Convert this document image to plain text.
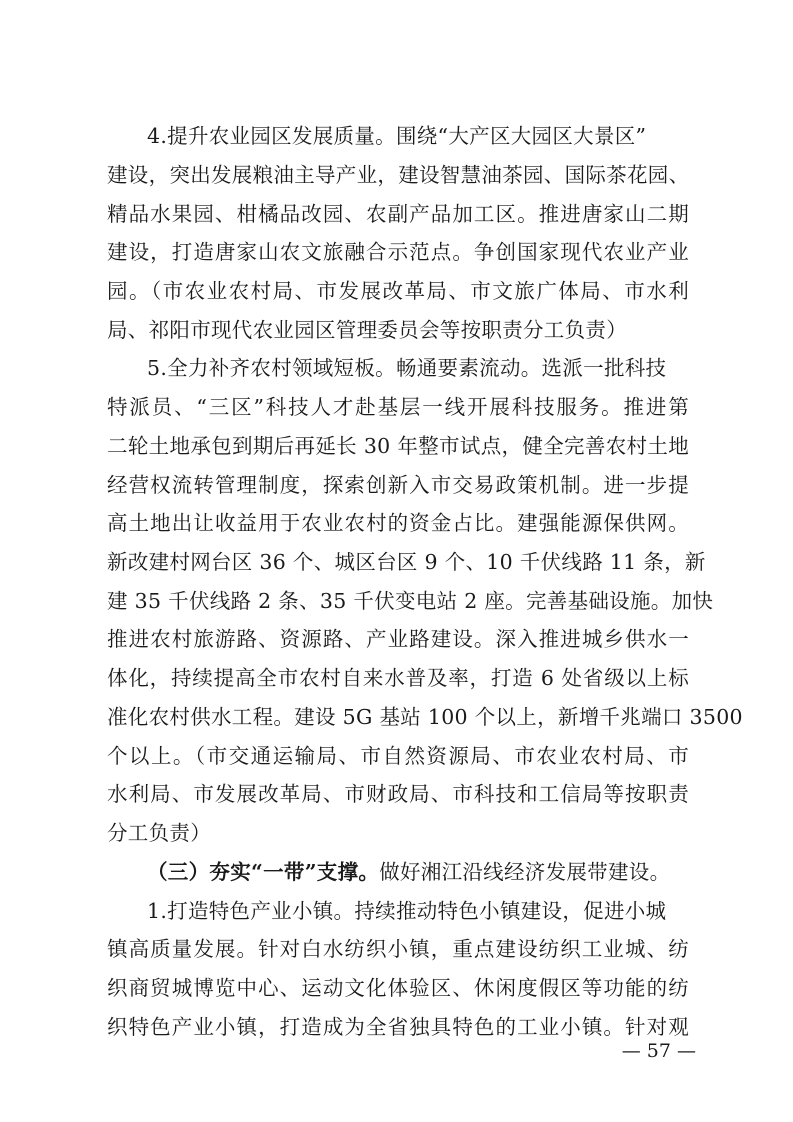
4.提升农业园区发展质量。围绕“大产区大园区大景区”
建设，突出发展粮油主导产业，建设智慧油茶园、国际茶花园、
精品水果园、柑橘品改园、农副产品加工区。推进唐家山二期
建设，打造唐家山农文旅融合示范点。争创国家现代农业产业
园。（市农业农村局、市发展改革局、市文旅广体局、市水利
局、祁阳市现代农业园区管理委员会等按职责分工负责）
5.全力补齐农村领域短板。畅通要素流动。选派一批科技
特派员、“三区”科技人才赴基层一线开展科技服务。推进第
二轮土地承包到期后再延长 30 年整市试点，健全完善农村土地
经营权流转管理制度，探索创新入市交易政策机制。进一步提
高土地出让收益用于农业农村的资金占比。建强能源保供网。
新改建村网台区 36 个、城区台区 9 个、10 千伏线路 11 条，新
建 35 千伏线路 2 条、35 千伏变电站 2 座。完善基础设施。加快
推进农村旅游路、资源路、产业路建设。深入推进城乡供水一
体化，持续提高全市农村自来水普及率，打造 6 处省级以上标
准化农村供水工程。建设 5G 基站 100 个以上，新增千兆端口 3500
个以上。（市交通运输局、市自然资源局、市农业农村局、市
水利局、市发展改革局、市财政局、市科技和工信局等按职责
分工负责）
（三）夯实“一带”支撑。做好湘江沿线经济发展带建设。
1.打造特色产业小镇。持续推动特色小镇建设，促进小城
镇高质量发展。针对白水纺织小镇，重点建设纺织工业城、纺
织商贸城博览中心、运动文化体验区、休闲度假区等功能的纺
织特色产业小镇，打造成为全省独具特色的工业小镇。针对观
— 57 —
